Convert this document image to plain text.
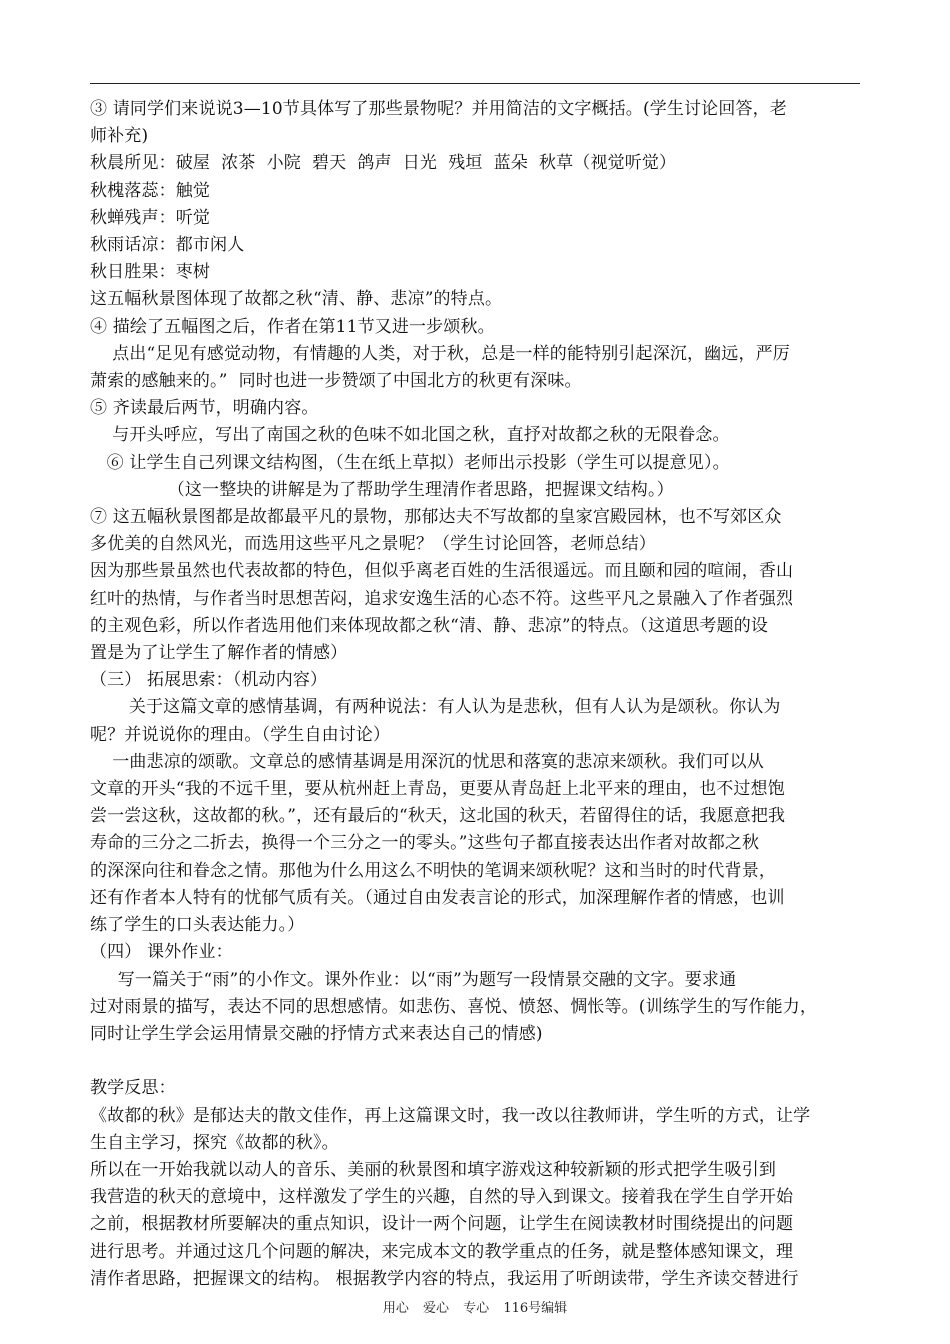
③ 请同学们来说说3—10节具体写了那些景物呢？并用简洁的文字概括。(学生讨论回答，老
师补充)
秋晨所见：破屋  浓茶  小院  碧天  鸽声  日光  残垣  蓝朵  秋草（视觉听觉）
秋槐落蕊：触觉
秋蝉残声：听觉
秋雨话凉：都市闲人
秋日胜果：枣树
这五幅秋景图体现了故都之秋“清、静、悲凉”的特点。
④ 描绘了五幅图之后，作者在第11节又进一步颂秋。
点出“足见有感觉动物，有情趣的人类，对于秋，总是一样的能特别引起深沉，幽远，严厉
萧索的感触来的。”  同时也进一步赞颂了中国北方的秋更有深味。
⑤ 齐读最后两节，明确内容。
与开头呼应，写出了南国之秋的色味不如北国之秋，直抒对故都之秋的无限眷念。
⑥ 让学生自己列课文结构图，（生在纸上草拟）老师出示投影（学生可以提意见）。
（这一整块的讲解是为了帮助学生理清作者思路，把握课文结构。）
⑦ 这五幅秋景图都是故都最平凡的景物，那郁达夫不写故都的皇家宫殿园林，也不写郊区众
多优美的自然风光，而选用这些平凡之景呢？（学生讨论回答，老师总结）
因为那些景虽然也代表故都的特色，但似乎离老百姓的生活很遥远。而且颐和园的喧闹，香山
红叶的热情，与作者当时思想苦闷，追求安逸生活的心态不符。这些平凡之景融入了作者强烈
的主观色彩，所以作者选用他们来体现故都之秋“清、静、悲凉”的特点。（这道思考题的设
置是为了让学生了解作者的情感）
（三） 拓展思索：（机动内容）
关于这篇文章的感情基调，有两种说法：有人认为是悲秋，但有人认为是颂秋。你认为
呢？并说说你的理由。（学生自由讨论）
一曲悲凉的颂歌。文章总的感情基调是用深沉的忧思和落寞的悲凉来颂秋。我们可以从
文章的开头“我的不远千里，要从杭州赶上青岛，更要从青岛赶上北平来的理由，也不过想饱
尝一尝这秋，这故都的秋。”，还有最后的“秋天，这北国的秋天，若留得住的话，我愿意把我
寿命的三分之二折去，换得一个三分之一的零头。”这些句子都直接表达出作者对故都之秋
的深深向往和眷念之情。那他为什么用这么不明快的笔调来颂秋呢？这和当时的时代背景，
还有作者本人特有的忧郁气质有关。（通过自由发表言论的形式，加深理解作者的情感，也训
练了学生的口头表达能力。）
（四） 课外作业：
写一篇关于“雨”的小作文。课外作业：以“雨”为题写一段情景交融的文字。要求通
过对雨景的描写，表达不同的思想感情。如悲伤、喜悦、愤怒、惆怅等。(训练学生的写作能力，
同时让学生学会运用情景交融的抒情方式来表达自己的情感)
教学反思：
《故都的秋》是郁达夫的散文佳作，再上这篇课文时，我一改以往教师讲，学生听的方式，让学
生自主学习，探究《故都的秋》。
所以在一开始我就以动人的音乐、美丽的秋景图和填字游戏这种较新颖的形式把学生吸引到
我营造的秋天的意境中，这样激发了学生的兴趣，自然的导入到课文。接着我在学生自学开始
之前，根据教材所要解决的重点知识，设计一两个问题，让学生在阅读教材时围绕提出的问题
进行思考。并通过这几个问题的解决，来完成本文的教学重点的任务，就是整体感知课文，理
清作者思路，把握课文的结构。 根据教学内容的特点，我运用了听朗读带，学生齐读交替进行
用心 爱心 专心 116号编辑
